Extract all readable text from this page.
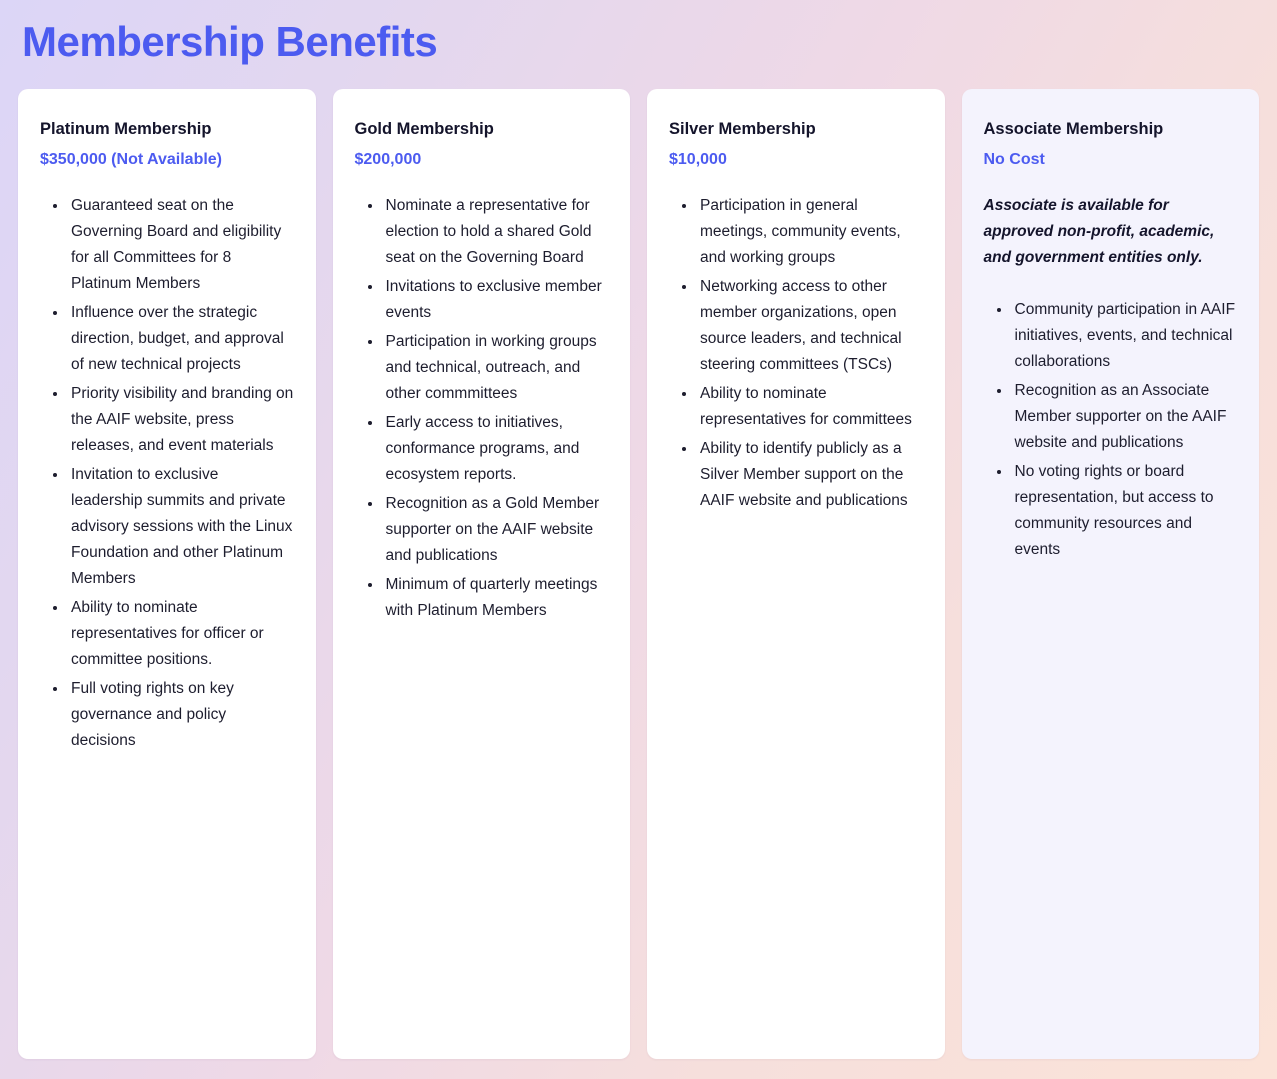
Membership Benefits
Platinum Membership
$350,000 (Not Available)
• Guaranteed seat on the Governing Board and eligibility for all Committees for 8 Platinum Members
• Influence over the strategic direction, budget, and approval of new technical projects
• Priority visibility and branding on the AAIF website, press releases, and event materials
• Invitation to exclusive leadership summits and private advisory sessions with the Linux Foundation and other Platinum Members
• Ability to nominate representatives for officer or committee positions.
• Full voting rights on key governance and policy decisions
Gold Membership
$200,000
• Nominate a representative for election to hold a shared Gold seat on the Governing Board
• Invitations to exclusive member events
• Participation in working groups and technical, outreach, and other commmittees
• Early access to initiatives, conformance programs, and ecosystem reports.
• Recognition as a Gold Member supporter on the AAIF website and publications
• Minimum of quarterly meetings with Platinum Members
Silver Membership
$10,000
• Participation in general meetings, community events, and working groups
• Networking access to other member organizations, open source leaders, and technical steering committees (TSCs)
• Ability to nominate representatives for committees
• Ability to identify publicly as a Silver Member support on the AAIF website and publications
Associate Membership
No Cost
Associate is available for approved non-profit, academic, and government entities only.
• Community participation in AAIF initiatives, events, and technical collaborations
• Recognition as an Associate Member supporter on the AAIF website and publications
• No voting rights or board representation, but access to community resources and events
